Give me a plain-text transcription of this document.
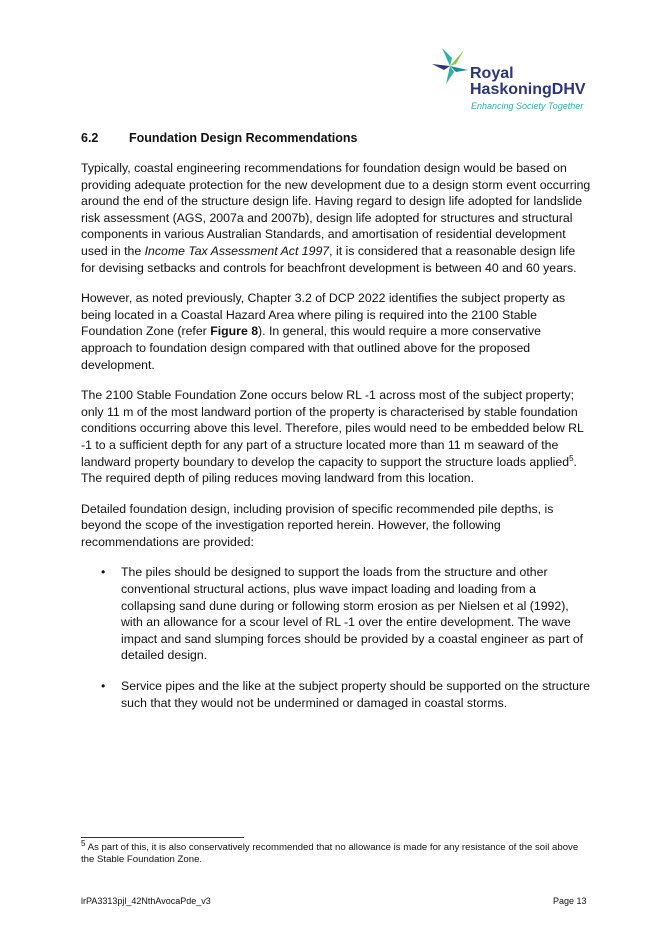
Royal
HaskoningDHV
Enhancing Society Together
6.2	Foundation Design Recommendations

Typically, coastal engineering recommendations for foundation design would be based on providing adequate protection for the new development due to a design storm event occurring around the end of the structure design life. Having regard to design life adopted for landslide risk assessment (AGS, 2007a and 2007b), design life adopted for structures and structural components in various Australian Standards, and amortisation of residential development used in the Income Tax Assessment Act 1997, it is considered that a reasonable design life for devising setbacks and controls for beachfront development is between 40 and 60 years.

However, as noted previously, Chapter 3.2 of DCP 2022 identifies the subject property as being located in a Coastal Hazard Area where piling is required into the 2100 Stable Foundation Zone (refer Figure 8). In general, this would require a more conservative approach to foundation design compared with that outlined above for the proposed development.

The 2100 Stable Foundation Zone occurs below RL -1 across most of the subject property; only 11 m of the most landward portion of the property is characterised by stable foundation conditions occurring above this level. Therefore, piles would need to be embedded below RL -1 to a sufficient depth for any part of a structure located more than 11 m seaward of the landward property boundary to develop the capacity to support the structure loads applied$^5$. The required depth of piling reduces moving landward from this location.

Detailed foundation design, including provision of specific recommended pile depths, is beyond the scope of the investigation reported herein. However, the following recommendations are provided:

• The piles should be designed to support the loads from the structure and other conventional structural actions, plus wave impact loading and loading from a collapsing sand dune during or following storm erosion as per Nielsen et al (1992), with an allowance for a scour level of RL -1 over the entire development. The wave impact and sand slumping forces should be provided by a coastal engineer as part of detailed design.
• Service pipes and the like at the subject property should be supported on the structure such that they would not be undermined or damaged in coastal storms.
$^5$ As part of this, it is also conservatively recommended that no allowance is made for any resistance of the soil above the Stable Foundation Zone.
lrPA3313pjl_42NthAvocaPde_v3	Page 13
